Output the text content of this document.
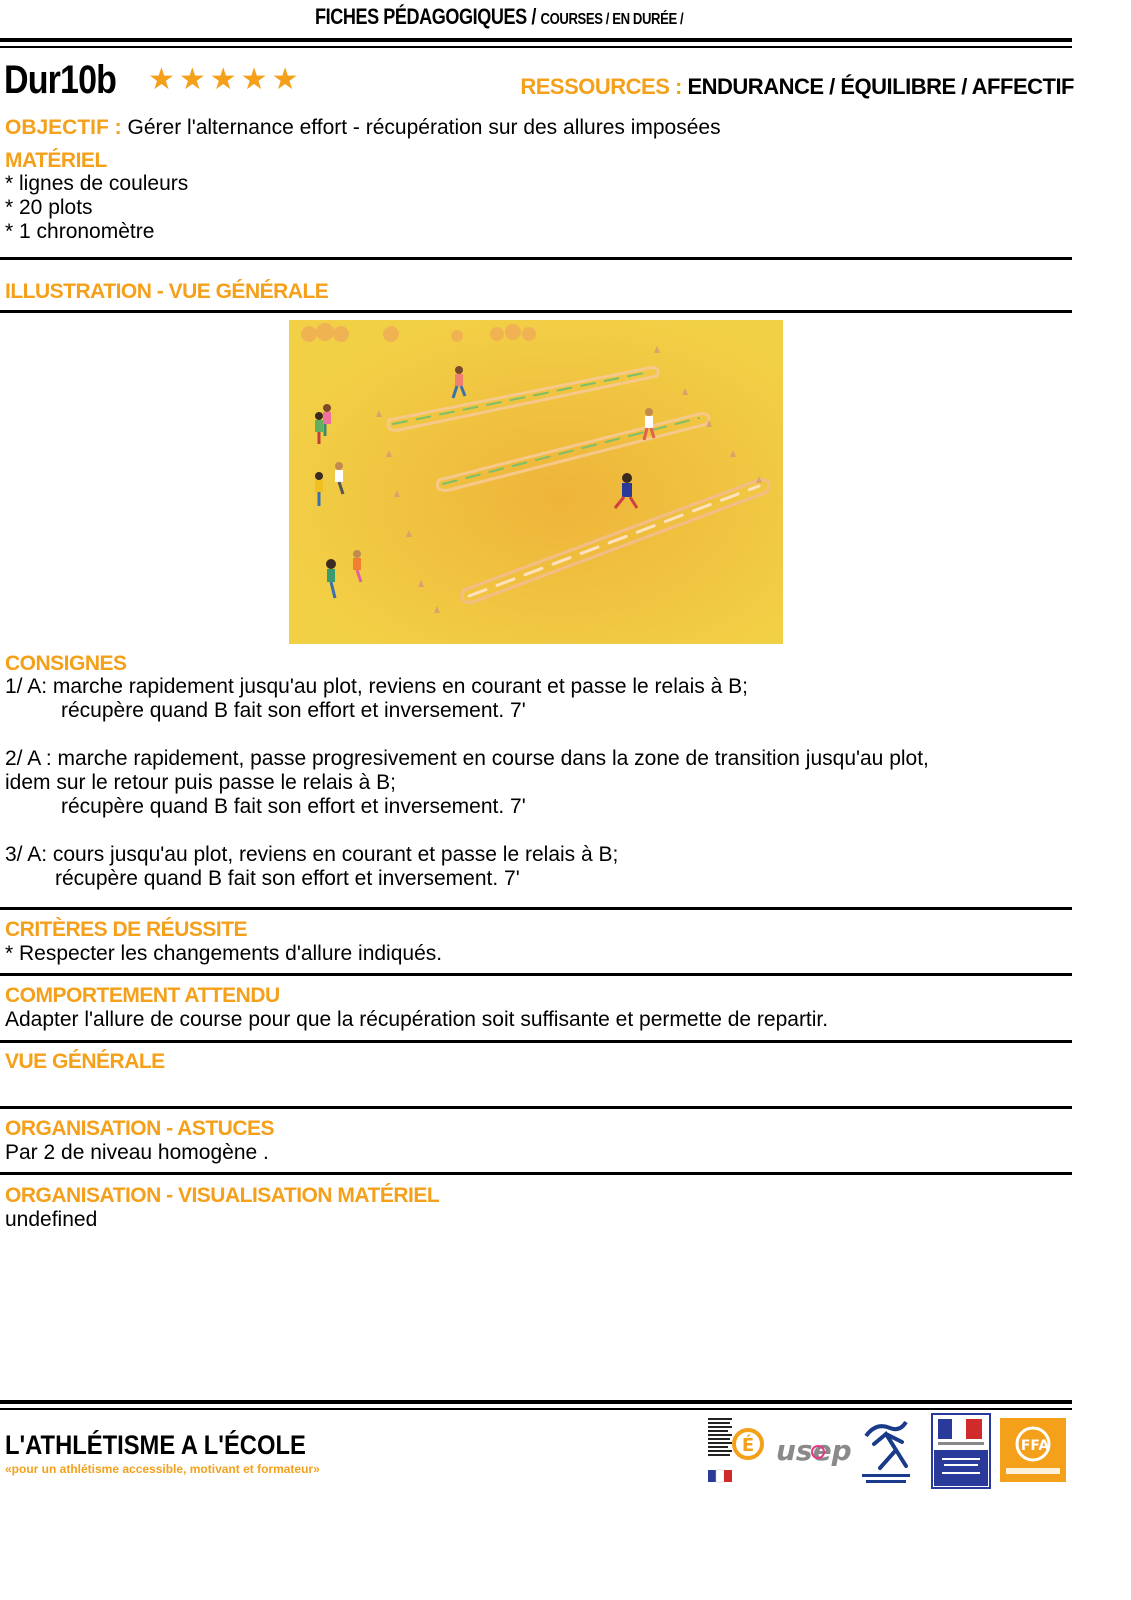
FICHES PÉDAGOGIQUES / COURSES / EN DURÉE /
Dur10b	★★★★★	RESSOURCES : ENDURANCE / ÉQUILIBRE / AFFECTIF
OBJECTIF : Gérer l'alternance effort - récupération sur des allures imposées
MATÉRIEL
* lignes de couleurs
* 20 plots
* 1 chronomètre
ILLUSTRATION - VUE GÉNÉRALE
CONSIGNES
1/ A: marche rapidement jusqu'au plot, reviens en courant et passe le relais à B;
récupère quand B fait son effort et inversement. 7'
2/ A : marche rapidement, passe progresivement en course dans la zone de transition jusqu'au plot,
idem sur le retour puis passe le relais à B;
récupère quand B fait son effort et inversement. 7'
3/ A: cours jusqu'au plot, reviens en courant et passe le relais à B;
récupère quand B fait son effort et inversement. 7'
CRITÈRES DE RÉUSSITE
* Respecter les changements d'allure indiqués.
COMPORTEMENT ATTENDU
Adapter l'allure de course pour que la récupération soit suffisante et permette de repartir.
VUE GÉNÉRALE
ORGANISATION - ASTUCES
Par 2 de niveau homogène .
ORGANISATION - VISUALISATION MATÉRIEL
undefined
L'ATHLÉTISME A L'ÉCOLE
«pour un athlétisme accessible, motivant et formateur»
É usep	FFA
